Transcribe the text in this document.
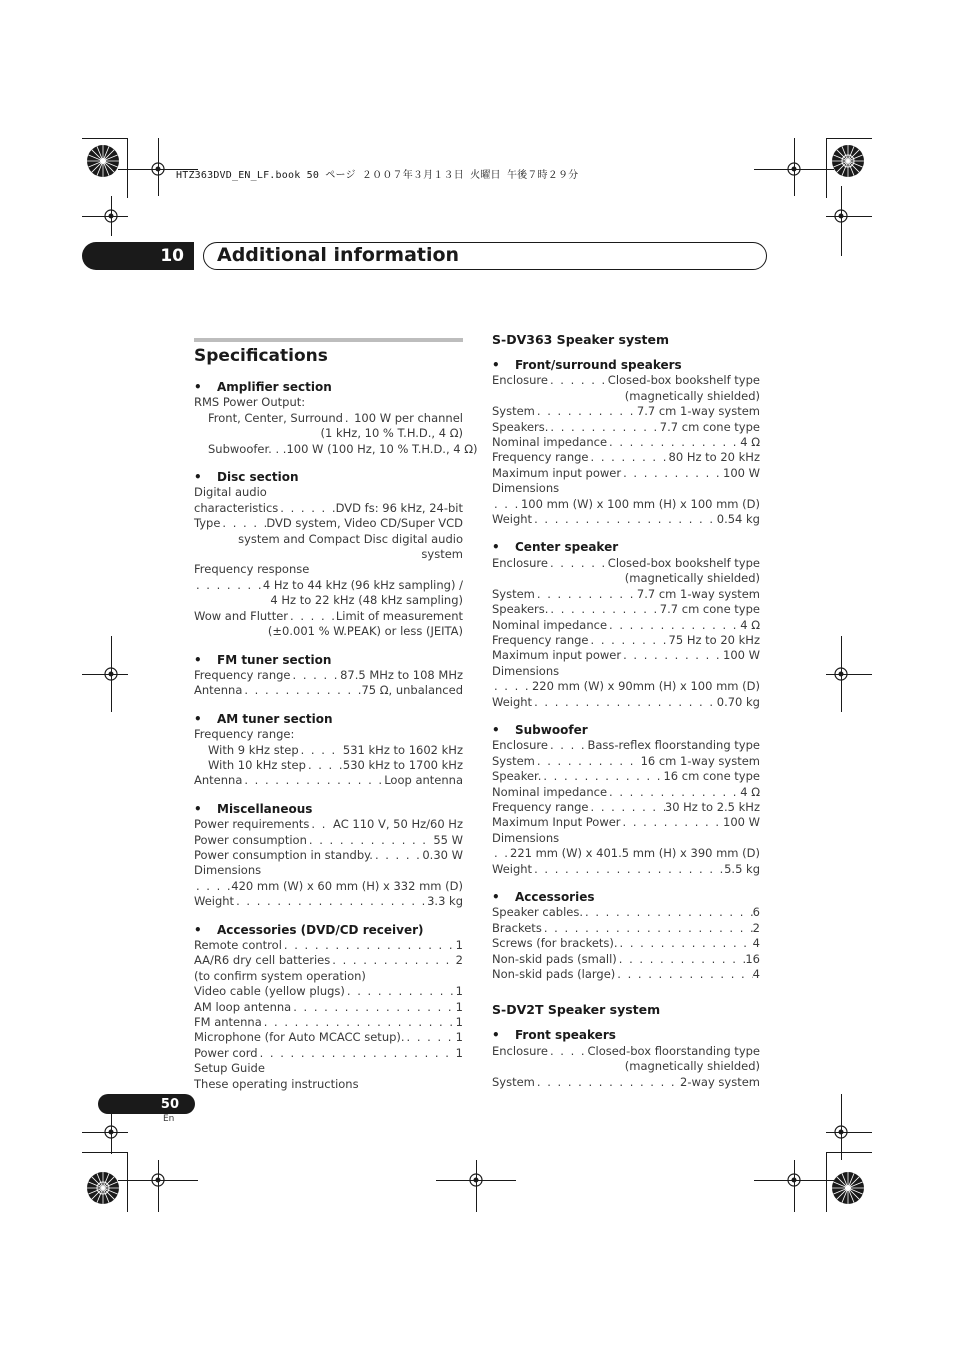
HTZ363DVD_EN_LF.book 50 ページ ２００７年３月１３日 火曜日 午後７時２９分
10	Additional information
Specifications
• Amplifier section
RMS Power Output:
Front, Center, Surround . . . 100 W per channel
(1 kHz, 10 % T.H.D., 4 Ω)
Subwoofer. . .100 W (100 Hz, 10 % T.H.D., 4 Ω)
• Disc section
Digital audio
characteristics . . .	DVD fs: 96 kHz, 24-bit
Type . . .	DVD system, Video CD/Super VCD
system and Compact Disc digital audio system
Frequency response
. . .
4 Hz to 44 kHz (96 kHz sampling) /
4 Hz to 22 kHz (48 kHz sampling)
Wow and Flutter . . .	Limit of measurement
(±0.001 % W.PEAK) or less (JEITA)
• FM tuner section
Frequency range . . .	87.5 MHz to 108 MHz
Antenna . . .	75 Ω, unbalanced
• AM tuner section
Frequency range:
With 9 kHz step . . .	531 kHz to 1602 kHz
With 10 kHz step . . .	530 kHz to 1700 kHz
Antenna . . .	Loop antenna
• Miscellaneous
Power requirements . . . AC 110 V, 50 Hz/60 Hz
Power consumption . . .	55 W
Power consumption in standby. . . .	0.30 W
Dimensions
. . .
420 mm (W) x 60 mm (H) x 332 mm (D)
Weight . . .	3.3 kg
• Accessories (DVD/CD receiver)
Remote control . . .	1
AA/R6 dry cell batteries . . .	2
(to confirm system operation)
Video cable (yellow plugs) . . .	1
AM loop antenna . . .	1
FM antenna . . .	1
Microphone (for Auto MCACC setup). . . .	1
Power cord . . .	1
Setup Guide
These operating instructions
S-DV363 Speaker system
• Front/surround speakers
Enclosure . . .	Closed-box bookshelf type
(magnetically shielded)
System . . .	7.7 cm 1-way system
Speakers. . . .	7.7 cm cone type
Nominal impedance . . .	4 Ω
Frequency range . . .	80 Hz to 20 kHz
Maximum input power . . .	100 W
Dimensions
. . .
100 mm (W) x 100 mm (H) x 100 mm (D)
Weight . . .	0.54 kg
• Center speaker
Enclosure . . .	Closed-box bookshelf type
(magnetically shielded)
System . . .	7.7 cm 1-way system
Speakers. . . .	7.7 cm cone type
Nominal impedance . . .	4 Ω
Frequency range . . .	75 Hz to 20 kHz
Maximum input power . . .	100 W
Dimensions
. . .
220 mm (W) x 90mm (H) x 100 mm (D)
Weight . . .	0.70 kg
• Subwoofer
Enclosure . . .	Bass-reflex floorstanding type
System . . .	16 cm 1-way system
Speaker. . . .	16 cm cone type
Nominal impedance . . .	4 Ω
Frequency range . . .	30 Hz to 2.5 kHz
Maximum Input Power . . .	100 W
Dimensions
. . .
221 mm (W) x 401.5 mm (H) x 390 mm (D)
Weight . . .	5.5 kg
• Accessories
Speaker cables. . . .	6
Brackets . . .	2
Screws (for brackets). . . .	4
Non-skid pads (small) . . .	16
Non-skid pads (large) . . .	4
S-DV2T Speaker system
• Front speakers
Enclosure . . .	Closed-box floorstanding type
(magnetically shielded)
System . . .	2-way system
50
En
